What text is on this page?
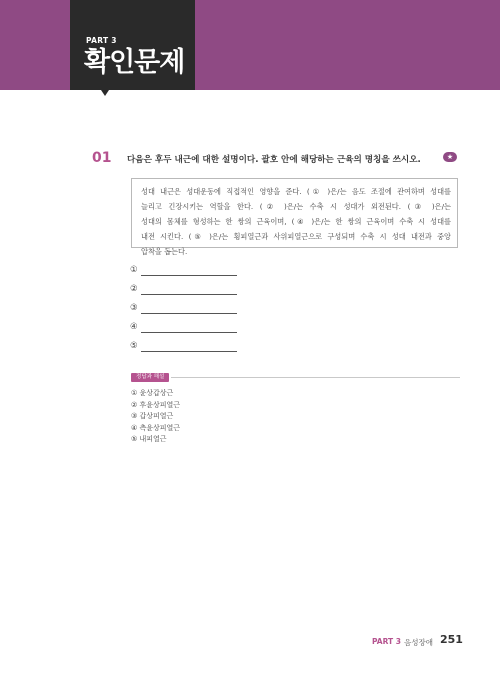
PART 3
확인문제
01 다음은 후두 내근에 대한 설명이다. 괄호 안에 해당하는 근육의 명칭을 쓰시오.	★
성대 내근은 성대운동에 직접적인 영향을 준다. (① )은/는 음도 조절에 관여하며 성대를
늘리고 긴장시키는 역할을 한다. (② )은/는 수축 시 성대가 외전된다. (③ )은/는
성대의 몸체를 형성하는 한 쌍의 근육이며, (④ )은/는 한 쌍의 근육이며 수축 시 성대를
내전 시킨다. (⑤ )은/는 횡피열근과 사위피열근으로 구성되며 수축 시 성대 내전과 중앙
압착을 돕는다.
①
②
③
④
⑤
정답과 해설
① 윤상갑상근
② 후윤상피열근
③ 갑상피열근
④ 측윤상피열근
⑤ 내피열근
PART 3 음성장애 251
